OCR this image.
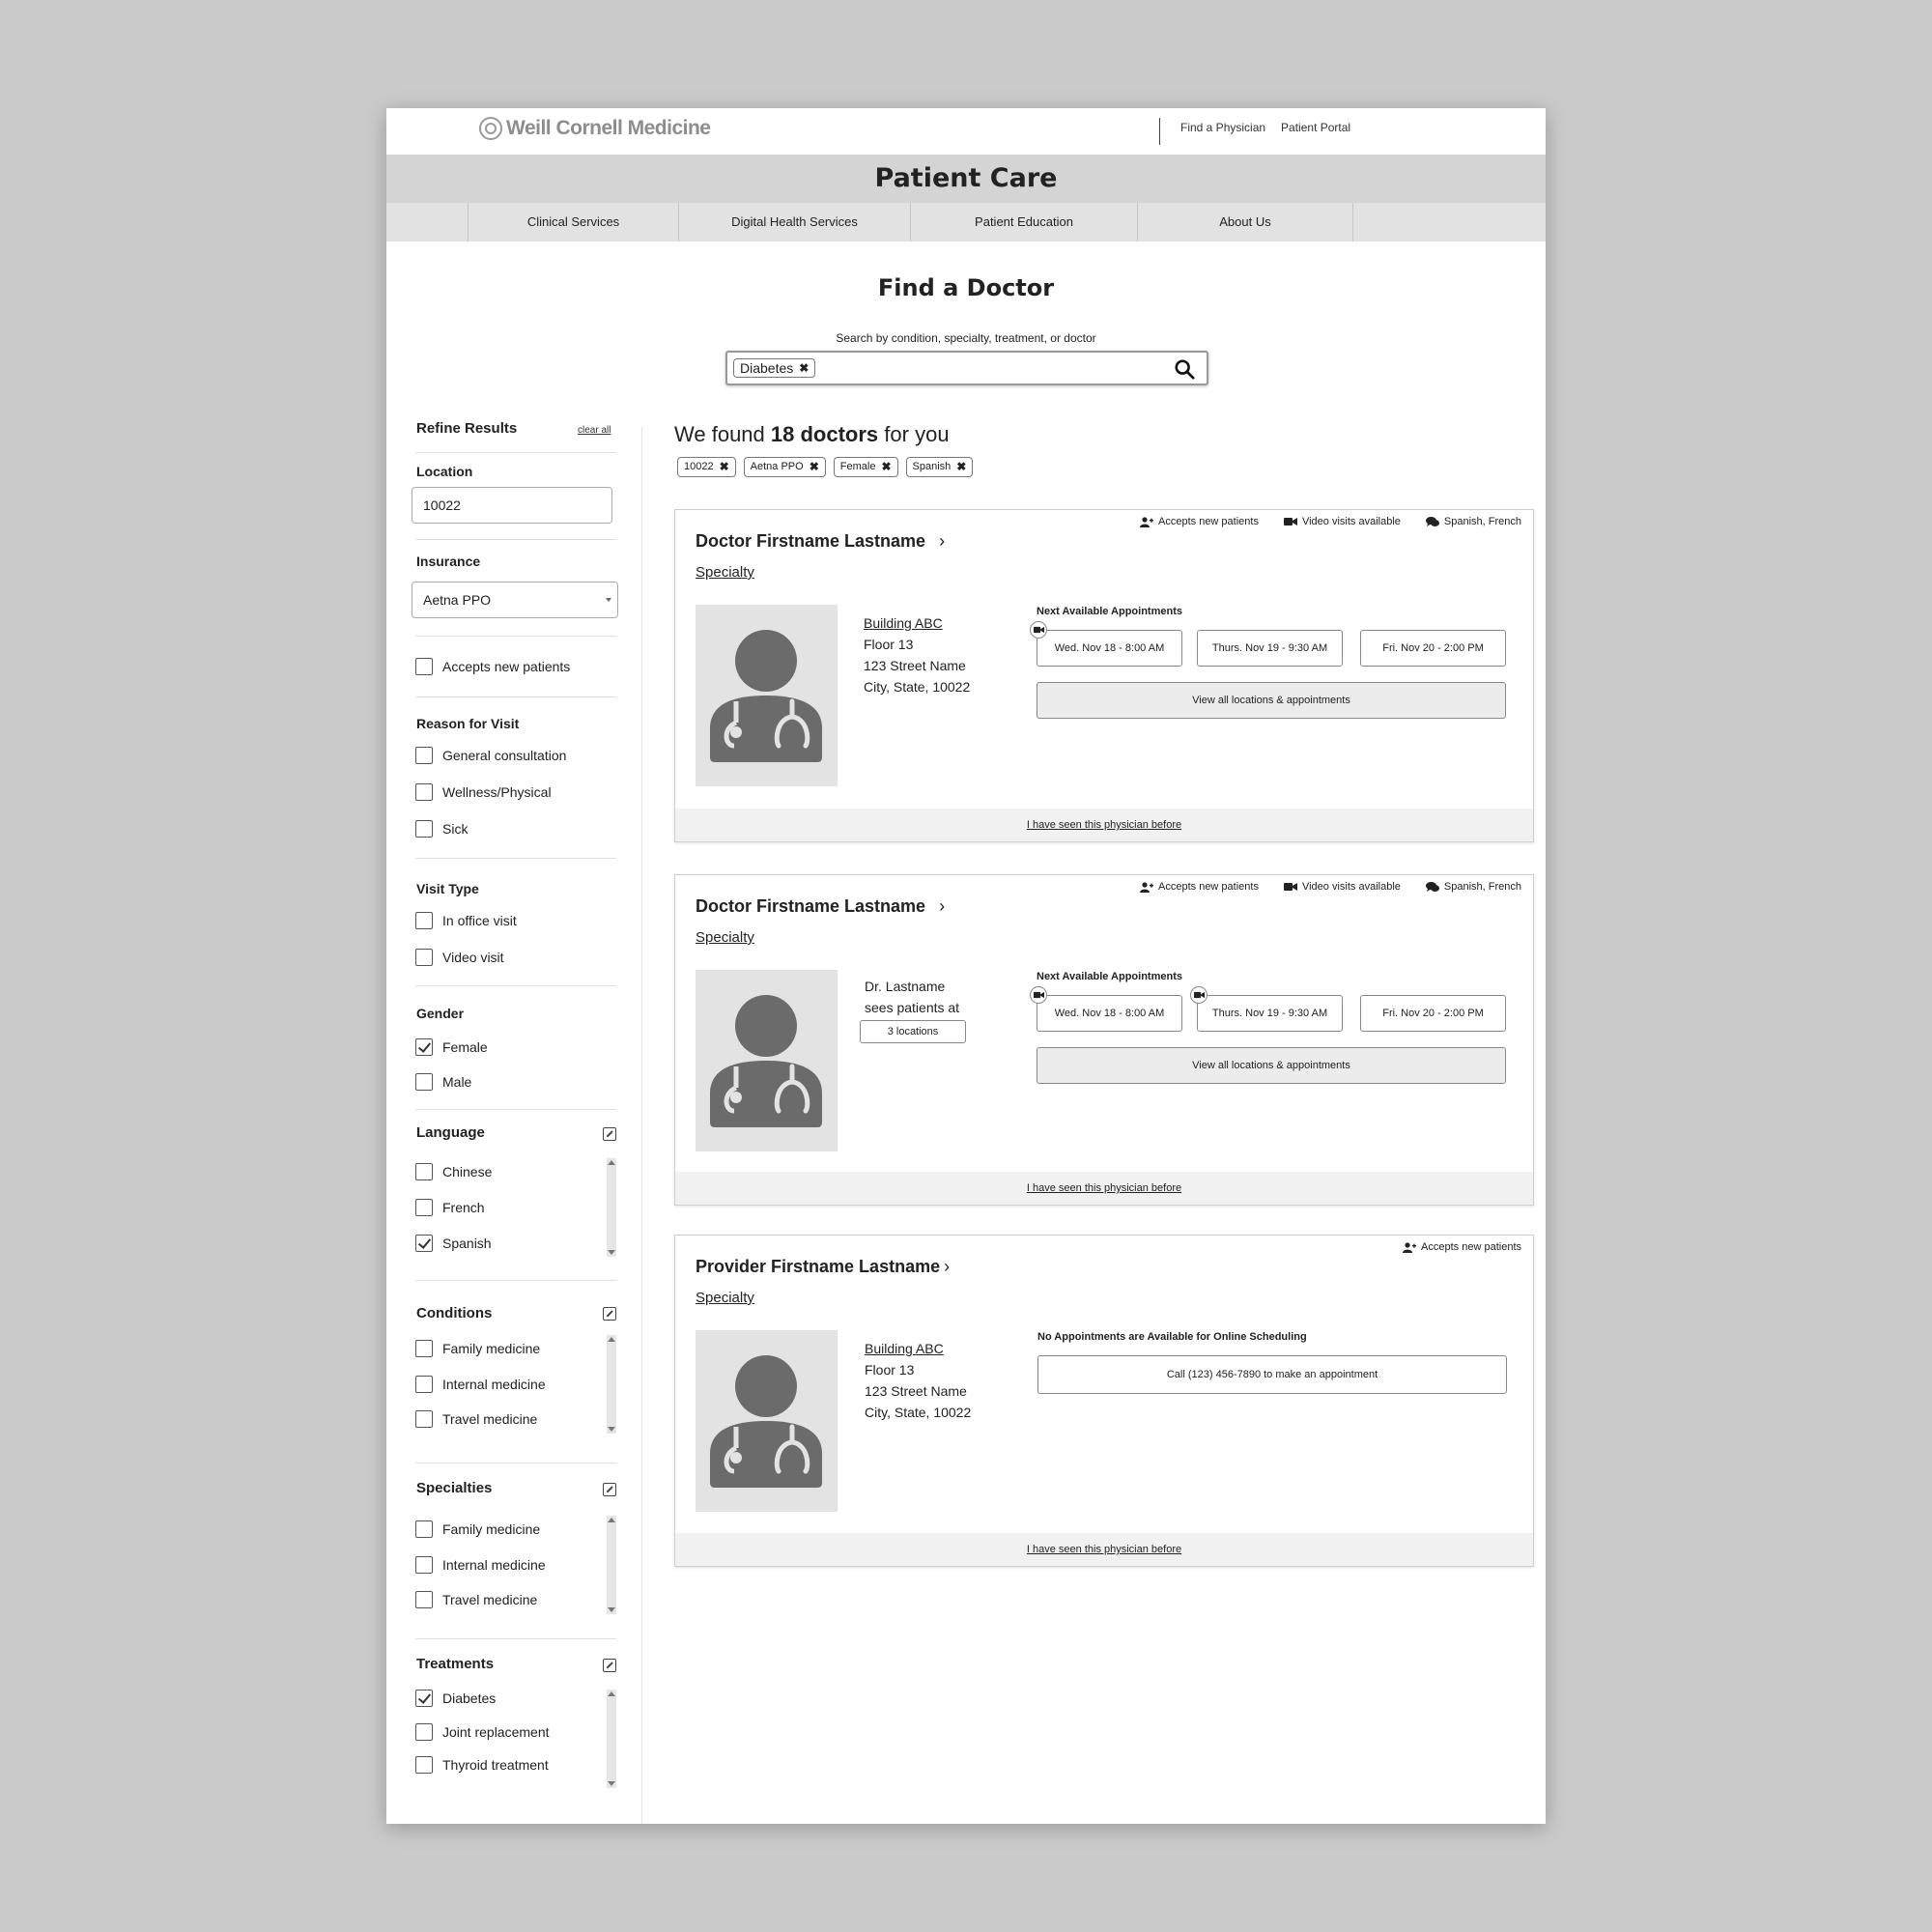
Weill Cornell Medicine	Find a Physician Patient Portal
Patient Care
Clinical Services	Digital Health Services	Patient Education	About Us
Find a Doctor
Search by condition, specialty, treatment, or doctor
Diabetes ✖
Refine Results	clear all
Location
10022
Insurance
Aetna PPO
Accepts new patients
Reason for Visit
General consultation
Wellness/Physical
Sick
Visit Type
In office visit
Video visit
Gender
Female
Male
Language
Chinese
French
Spanish
Conditions
Family medicine
Internal medicine
Travel medicine
Specialties
Family medicine
Internal medicine
Travel medicine
Treatments
Diabetes
Joint replacement
Thyroid treatment
We found 18 doctors for you
10022 ✖ Aetna PPO ✖ Female ✖ Spanish ✖
Accepts new patients	Video visits available	Spanish, French
Doctor Firstname Lastname ›
Specialty
Building ABC
Floor 13
123 Street Name
City, State, 10022
Next Available Appointments
Wed. Nov 18 - 8:00 AM	Thurs. Nov 19 - 9:30 AM	Fri. Nov 20 - 2:00 PM
View all locations & appointments
I have seen this physician before
Accepts new patients	Video visits available	Spanish, French
Doctor Firstname Lastname ›
Specialty
Dr. Lastname
sees patients at
3 locations
Next Available Appointments
Wed. Nov 18 - 8:00 AM	Thurs. Nov 19 - 9:30 AM	Fri. Nov 20 - 2:00 PM
View all locations & appointments
I have seen this physician before
Accepts new patients
Provider Firstname Lastname ›
Specialty
Building ABC
Floor 13
123 Street Name
City, State, 10022
No Appointments are Available for Online Scheduling
Call (123) 456-7890 to make an appointment
I have seen this physician before
